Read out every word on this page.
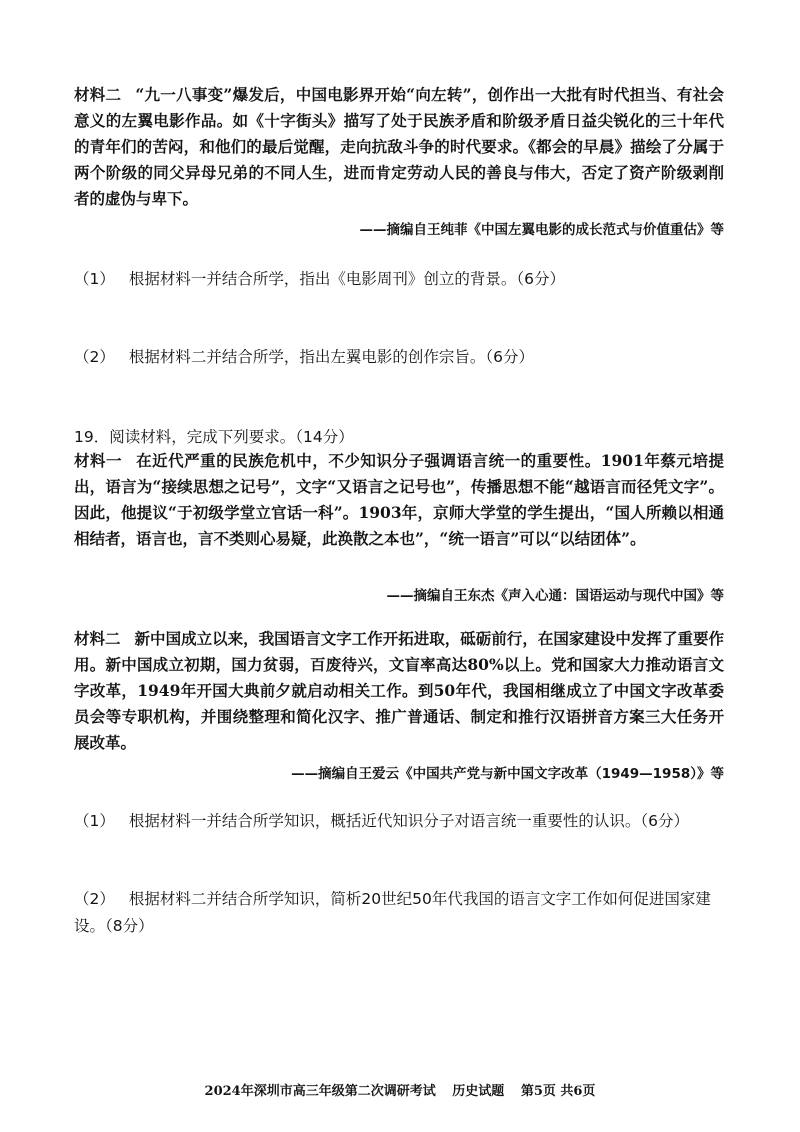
材料二 “九一八事变”爆发后，中国电影界开始“向左转”，创作出一大批有时代担当、有社会意义的左翼电影作品。如《十字街头》描写了处于民族矛盾和阶级矛盾日益尖锐化的三十年代的青年们的苦闷，和他们的最后觉醒，走向抗敌斗争的时代要求。《都会的早晨》描绘了分属于两个阶级的同父异母兄弟的不同人生，进而肯定劳动人民的善良与伟大，否定了资产阶级剥削者的虚伪与卑下。

——摘编自王纯菲《中国左翼电影的成长范式与价值重估》等
（1） 根据材料一并结合所学，指出《电影周刊》创立的背景。（6分）
（2） 根据材料二并结合所学，指出左翼电影的创作宗旨。（6分）
19．阅读材料，完成下列要求。（14分）

材料一 在近代严重的民族危机中，不少知识分子强调语言统一的重要性。1901年蔡元培提出，语言为“接续思想之记号”，文字“又语言之记号也”，传播思想不能“越语言而径凭文字”。因此，他提议“于初级学堂立官话一科”。1903年，京师大学堂的学生提出，“国人所赖以相通相结者，语言也，言不类则心易疑，此涣散之本也”，“统一语言”可以“以结团体”。

——摘编自王东杰《声入心通：国语运动与现代中国》等

材料二 新中国成立以来，我国语言文字工作开拓进取，砥砺前行，在国家建设中发挥了重要作用。新中国成立初期，国力贫弱，百废待兴，文盲率高达80%以上。党和国家大力推动语言文字改革，1949年开国大典前夕就启动相关工作。到50年代，我国相继成立了中国文字改革委员会等专职机构，并围绕整理和简化汉字、推广普通话、制定和推行汉语拼音方案三大任务开展改革。

——摘编自王爱云《中国共产党与新中国文字改革（1949—1958）》等
（1） 根据材料一并结合所学知识，概括近代知识分子对语言统一重要性的认识。（6分）
（2） 根据材料二并结合所学知识，简析20世纪50年代我国的语言文字工作如何促进国家建设。（8分）
2024年深圳市高三年级第二次调研考试 历史试题 第5页 共6页
